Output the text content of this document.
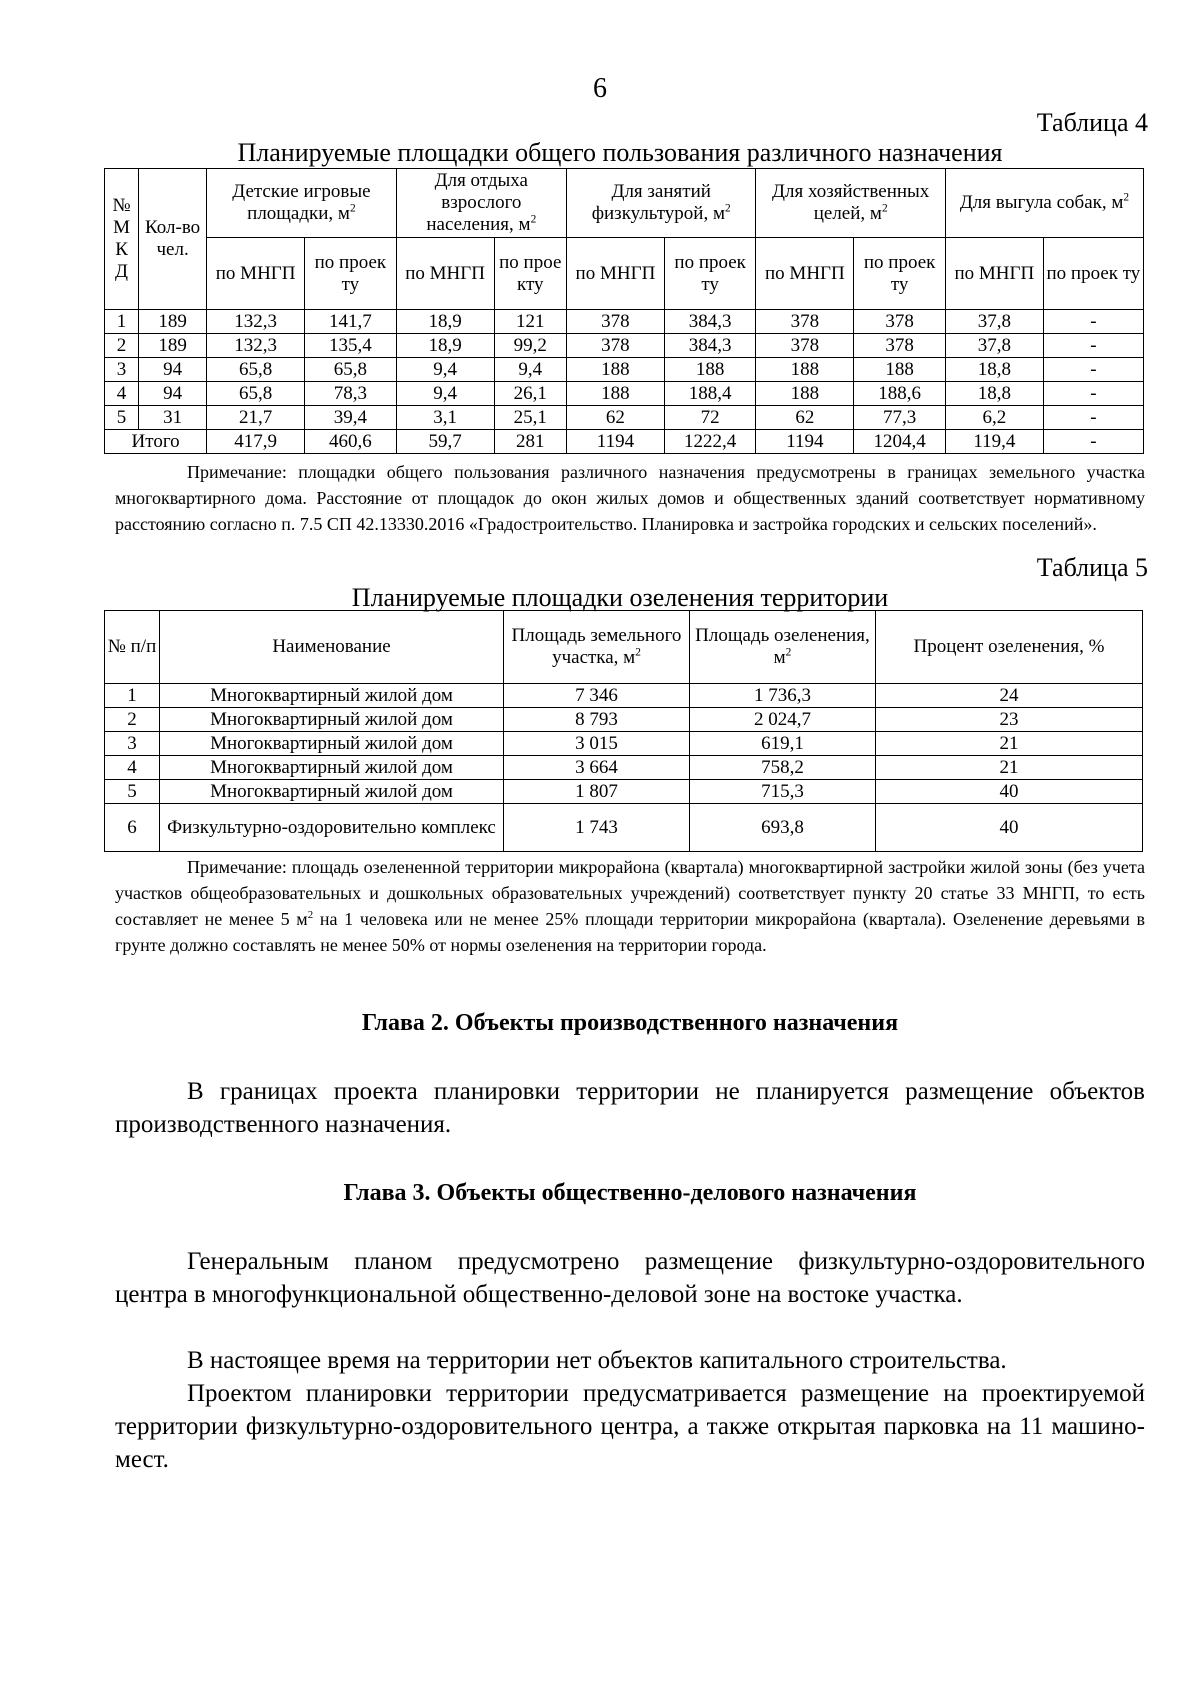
6
Таблица 4
Планируемые площадки общего пользования различного назначения
№ М К Д	Кол-во чел.	Детские игровые площадки, $м^2$		Для отдыха взрослого населения, $м^2$		Для занятий физкультурой, $м^2$		Для хозяйственных целей, $м^2$		Для выгула собак, $м^2$
		по МНГП	по проек ту	по МНГП	по прое кту	по МНГП	по проек ту	по МНГП	по проек ту	по МНГП	по проек ту
1	189	132,3	141,7	18,9	121	378	384,3	378	378	37,8	-
2	189	132,3	135,4	18,9	99,2	378	384,3	378	378	37,8	-
3	94	65,8	65,8	9,4	9,4	188	188	188	188	18,8	-
4	94	65,8	78,3	9,4	26,1	188	188,4	188	188,6	18,8	-
5	31	21,7	39,4	3,1	25,1	62	72	62	77,3	6,2	-
Итого		417,9	460,6	59,7	281	1194	1222,4	1194	1204,4	119,4	-
Примечание: площадки общего пользования различного назначения предусмотрены в границах земельного участка многоквартирного дома. Расстояние от площадок до окон жилых домов и общественных зданий соответствует нормативному расстоянию согласно п. 7.5 СП 42.13330.2016 «Градостроительство. Планировка и застройка городских и сельских поселений».
Таблица 5
Планируемые площадки озеленения территории
№ п/п	Наименование	Площадь земельного участка, $м^2$	Площадь озеленения, $м^2$	Процент озеленения, %
1	Многоквартирный жилой дом	7 346	1 736,3	24
2	Многоквартирный жилой дом	8 793	2 024,7	23
3	Многоквартирный жилой дом	3 015	619,1	21
4	Многоквартирный жилой дом	3 664	758,2	21
5	Многоквартирный жилой дом	1 807	715,3	40
6	Физкультурно-оздоровительно комплекс	1 743	693,8	40
Примечание: площадь озелененной территории микрорайона (квартала) многоквартирной застройки жилой зоны (без учета участков общеобразовательных и дошкольных образовательных учреждений) соответствует пункту 20 статье 33 МНГП, то есть составляет не менее 5 $м^2$ на 1 человека или не менее 25% площади территории микрорайона (квартала). Озеленение деревьями в грунте должно составлять не менее 50% от нормы озеленения на территории города.
Глава 2. Объекты производственного назначения
В границах проекта планировки территории не планируется размещение объектов производственного назначения.
Глава 3. Объекты общественно-делового назначения
Генеральным планом предусмотрено размещение физкультурно-оздоровительного центра в многофункциональной общественно-деловой зоне на востоке участка.
В настоящее время на территории нет объектов капитального строительства.
Проектом планировки территории предусматривается размещение на проектируемой территории физкультурно-оздоровительного центра, а также открытая парковка на 11 машино-мест.
